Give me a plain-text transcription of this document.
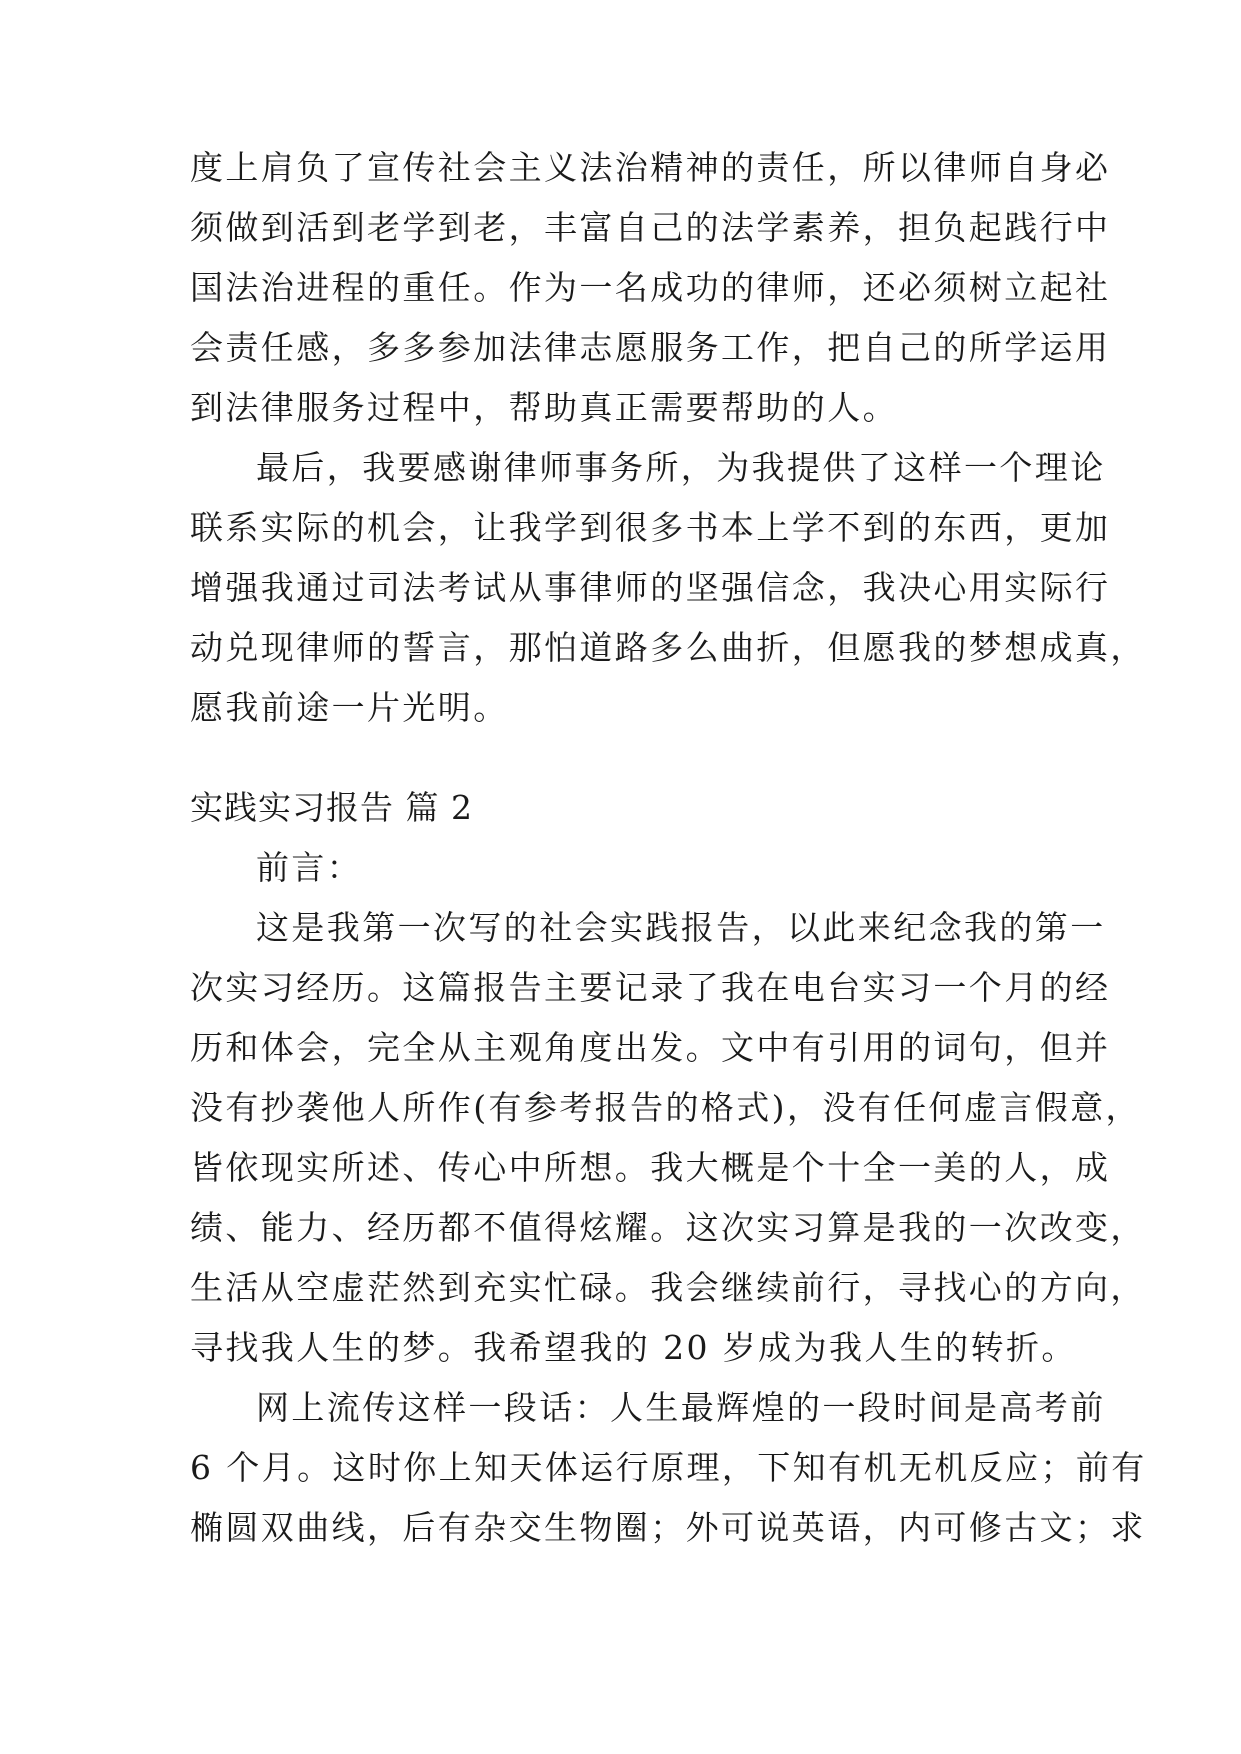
度上肩负了宣传社会主义法治精神的责任，所以律师自身必
须做到活到老学到老，丰富自己的法学素养，担负起践行中
国法治进程的重任。作为一名成功的律师，还必须树立起社
会责任感，多多参加法律志愿服务工作，把自己的所学运用
到法律服务过程中，帮助真正需要帮助的人。
最后，我要感谢律师事务所，为我提供了这样一个理论
联系实际的机会，让我学到很多书本上学不到的东西，更加
增强我通过司法考试从事律师的坚强信念，我决心用实际行
动兑现律师的誓言，那怕道路多么曲折，但愿我的梦想成真，
愿我前途一片光明。
实践实习报告 篇 2
前言：
这是我第一次写的社会实践报告，以此来纪念我的第一
次实习经历。这篇报告主要记录了我在电台实习一个月的经
历和体会，完全从主观角度出发。文中有引用的词句，但并
没有抄袭他人所作(有参考报告的格式)，没有任何虚言假意，
皆依现实所述、传心中所想。我大概是个十全一美的人，成
绩、能力、经历都不值得炫耀。这次实习算是我的一次改变，
生活从空虚茫然到充实忙碌。我会继续前行，寻找心的方向，
寻找我人生的梦。我希望我的 20 岁成为我人生的转折。
网上流传这样一段话：人生最辉煌的一段时间是高考前
6 个月。这时你上知天体运行原理，下知有机无机反应；前有
椭圆双曲线，后有杂交生物圈；外可说英语，内可修古文；求
